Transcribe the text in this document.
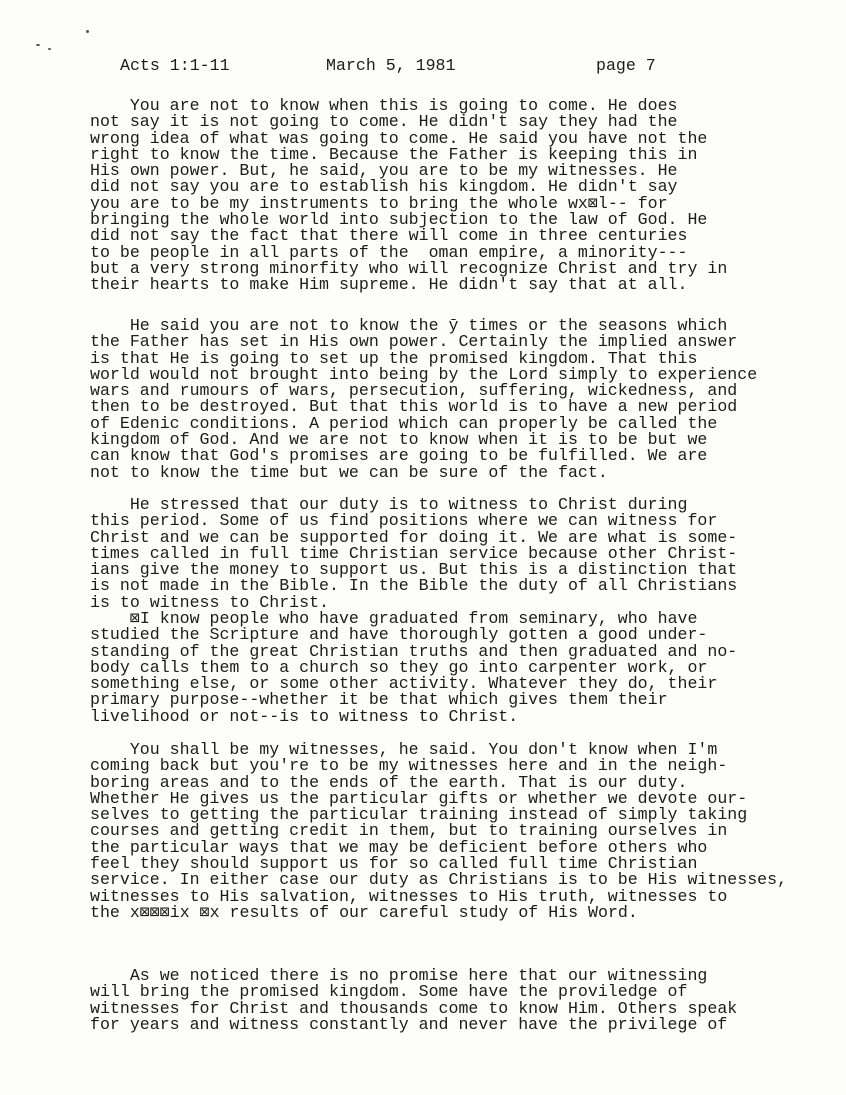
Acts 1:1-11	March 5, 1981	page 7
You are not to know when this is going to come. He does
not say it is not going to come. He didn't say they had the
wrong idea of what was going to come. He said you have not the
right to know the time. Because the Father is keeping this in
His own power. But, he said, you are to be my witnesses. He
did not say you are to establish his kingdom. He didn't say
you are to be my instruments to bring the whole wx⊠l-- for
bringing the whole world into subjection to the law of God. He
did not say the fact that there will come in three centuries
to be people in all parts of the  oman empire, a minority---
but a very strong minorfity who will recognize Christ and try in
their hearts to make Him supreme. He didn't say that at all.
He said you are not to know the ȳ times or the seasons which
the Father has set in His own power. Certainly the implied answer
is that He is going to set up the promised kingdom. That this
world would not brought into being by the Lord simply to experience
wars and rumours of wars, persecution, suffering, wickedness, and
then to be destroyed. But that this world is to have a new period
of Edenic conditions. A period which can properly be called the
kingdom of God. And we are not to know when it is to be but we
can know that God's promises are going to be fulfilled. We are
not to know the time but we can be sure of the fact.
He stressed that our duty is to witness to Christ during
this period. Some of us find positions where we can witness for
Christ and we can be supported for doing it. We are what is some-
times called in full time Christian service because other Christ-
ians give the money to support us. But this is a distinction that
is not made in the Bible. In the Bible the duty of all Christians
is to witness to Christ.
⊠I know people who have graduated from seminary, who have
studied the Scripture and have thoroughly gotten a good under-
standing of the great Christian truths and then graduated and no-
body calls them to a church so they go into carpenter work, or
something else, or some other activity. Whatever they do, their
primary purpose--whether it be that which gives them their
livelihood or not--is to witness to Christ.
You shall be my witnesses, he said. You don't know when I'm
coming back but you're to be my witnesses here and in the neigh-
boring areas and to the ends of the earth. That is our duty.
Whether He gives us the particular gifts or whether we devote our-
selves to getting the particular training instead of simply taking
courses and getting credit in them, but to training ourselves in
the particular ways that we may be deficient before others who
feel they should support us for so called full time Christian
service. In either case our duty as Christians is to be His witnesses,
witnesses to His salvation, witnesses to His truth, witnesses to
the x⊠⊠⊠ix ⊠x results of our careful study of His Word.
As we noticed there is no promise here that our witnessing
will bring the promised kingdom. Some have the proviledge of
witnesses for Christ and thousands come to know Him. Others speak
for years and witness constantly and never have the privilege of
